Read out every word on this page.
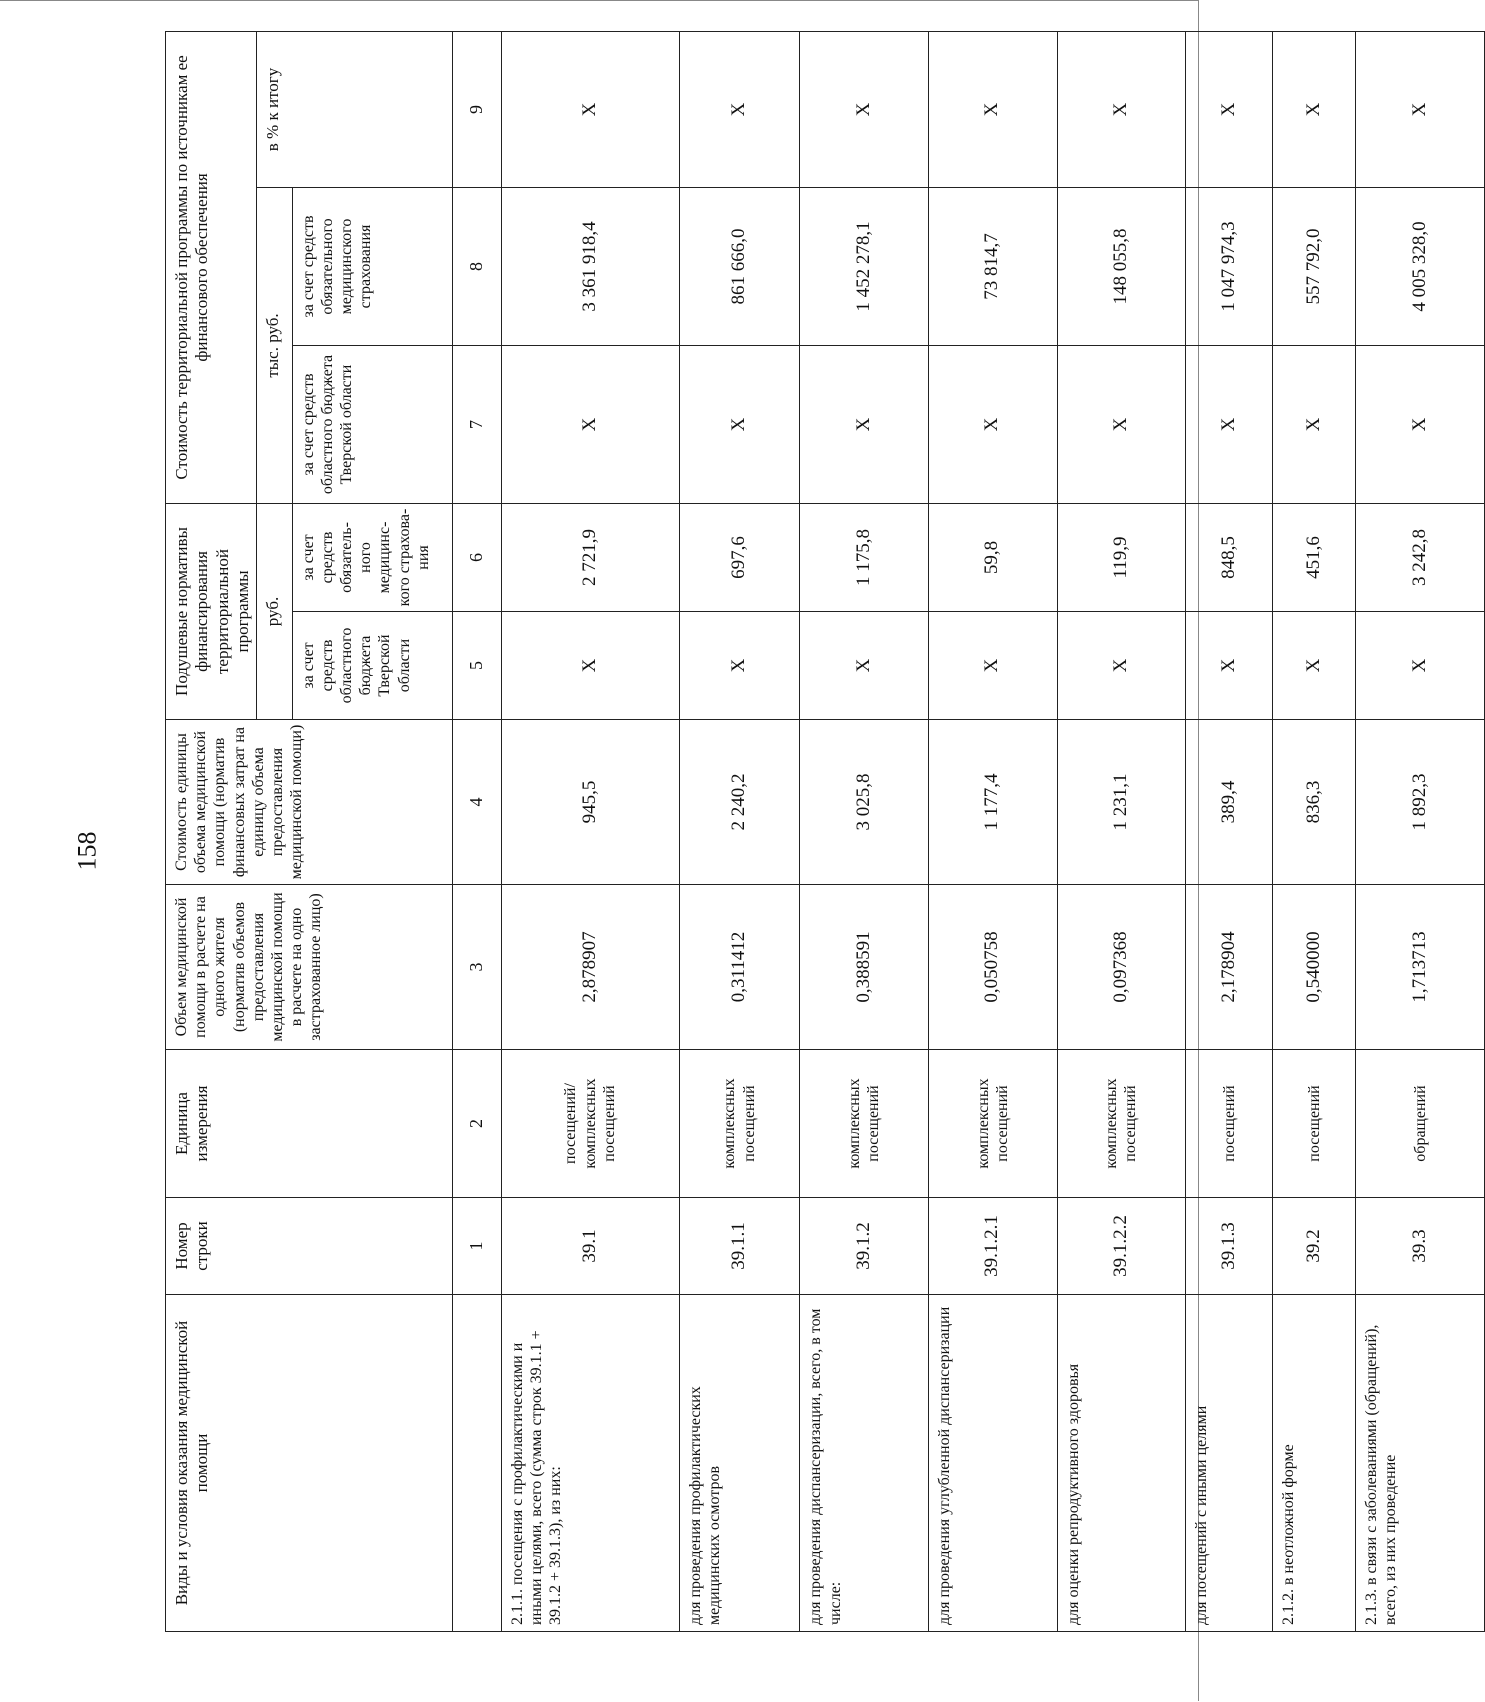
158
Виды и условия оказания медицинской помощи	Номер строки	Единица измерения	Объем медицинской помощи в расчете на одного жителя (норматив объемов предоставления медицинской помощи в расчете на одно застрахованное лицо)	Стоимость единицы объема медицинской помощи (норматив финансовых затрат на единицу объема предоставления медицинской помощи)	Подушевые нормативы финансирования территориальной программы		Стоимость территориальной программы по источникам ее финансового обеспечения		
					руб.		тыс. руб.		в % к итогу
					за счет средств областного бюджета Тверской области	за счет средств обязатель-ного медицинс-кого страхова-ния	за счет средств областного бюджета Тверской области	за счет средств обязательного медицинского страхования	
	1	2	3	4	5	6	7	8	9
2.1.1. посещения с профилактическими и иными целями, всего (сумма строк 39.1.1 + 39.1.2 + 39.1.3), из них:	39.1	посещений/ комплексных посещений	2,878907	945,5	Х	2 721,9	Х	3 361 918,4	Х
для проведения профилактических медицинских осмотров	39.1.1	комплексных посещений	0,311412	2 240,2	Х	697,6	Х	861 666,0	Х
для проведения диспансеризации, всего, в том числе:	39.1.2	комплексных посещений	0,388591	3 025,8	Х	1 175,8	Х	1 452 278,1	Х
для проведения углубленной диспансеризации	39.1.2.1	комплексных посещений	0,050758	1 177,4	Х	59,8	Х	73 814,7	Х
для оценки репродуктивного здоровья	39.1.2.2	комплексных посещений	0,097368	1 231,1	Х	119,9	Х	148 055,8	Х
для посещений с иными целями	39.1.3	посещений	2,178904	389,4	Х	848,5	Х	1 047 974,3	Х
2.1.2. в неотложной форме	39.2	посещений	0,540000	836,3	Х	451,6	Х	557 792,0	Х
2.1.3. в связи с заболеваниями (обращений), всего, из них проведение	39.3	обращений	1,713713	1 892,3	Х	3 242,8	Х	4 005 328,0	Х
